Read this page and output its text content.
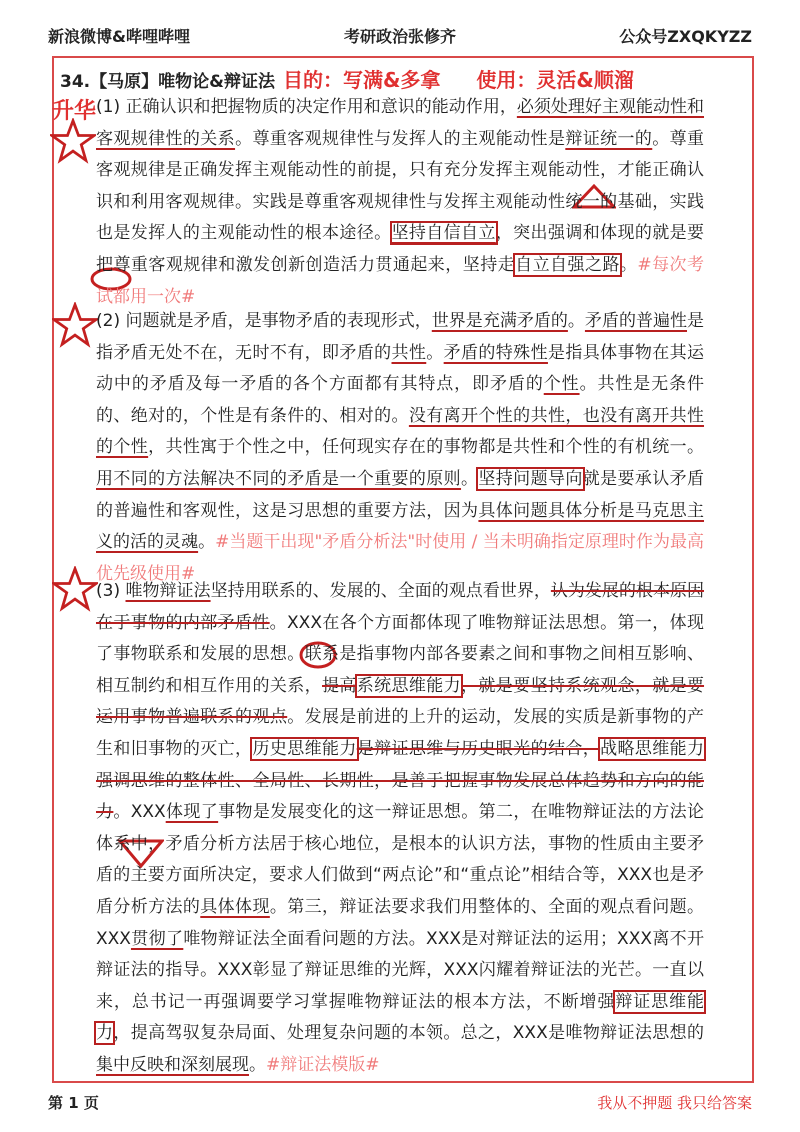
新浪微博&哔哩哔哩	考研政治张修齐	公众号ZXQKYZZ
34.【马原】唯物论&辩证法 目的：写满&多拿 使用：灵活&顺溜
升华 (1) 正确认识和把握物质的决定作用和意识的能动作用，必须处理好主观能动性和客观规律性的关系。尊重客观规律性与发挥人的主观能动性是辩证统一的。尊重客观规律是正确发挥主观能动性的前提，只有充分发挥主观能动性，才能正确认识和利用客观规律。实践是尊重客观规律性与发挥主观能动性统一的基础，实践也是发挥人的主观能动性的根本途径。坚持自信自立，突出强调和体现的就是要把尊重客观规律和激发创新创造活力贯通起来，坚持走自立自强之路。#每次考试都用一次#
(2) 问题就是矛盾，是事物矛盾的表现形式，世界是充满矛盾的。矛盾的普遍性是指矛盾无处不在，无时不有，即矛盾的共性。矛盾的特殊性是指具体事物在其运动中的矛盾及每一矛盾的各个方面都有其特点，即矛盾的个性。共性是无条件的、绝对的，个性是有条件的、相对的。没有离开个性的共性，也没有离开共性的个性，共性寓于个性之中，任何现实存在的事物都是共性和个性的有机统一。用不同的方法解决不同的矛盾是一个重要的原则。坚持问题导向就是要承认矛盾的普遍性和客观性，这是习思想的重要方法，因为具体问题具体分析是马克思主义的活的灵魂。#当题干出现"矛盾分析法"时使用 / 当未明确指定原理时作为最高优先级使用#
(3) 唯物辩证法坚持用联系的、发展的、全面的观点看世界，认为发展的根本原因在于事物的内部矛盾性。XXX在各个方面都体现了唯物辩证法思想。第一，体现了事物联系和发展的思想。联系是指事物内部各要素之间和事物之间相互影响、相互制约和相互作用的关系，提高系统思维能力，就是要坚持系统观念，就是要运用事物普遍联系的观点。发展是前进的上升的运动，发展的实质是新事物的产生和旧事物的灭亡，历史思维能力是辩证思维与历史眼光的结合，战略思维能力强调思维的整体性、全局性、长期性，是善于把握事物发展总体趋势和方向的能力。XXX体现了事物是发展变化的这一辩证思想。第二，在唯物辩证法的方法论体系中，矛盾分析方法居于核心地位，是根本的认识方法，事物的性质由主要矛盾的主要方面所决定，要求人们做到“两点论”和“重点论”相结合等，XXX也是矛盾分析方法的具体体现。第三，辩证法要求我们用整体的、全面的观点看问题。XXX贯彻了唯物辩证法全面看问题的方法。XXX是对辩证法的运用；XXX离不开辩证法的指导。XXX彰显了辩证思维的光辉，XXX闪耀着辩证法的光芒。一直以来，总书记一再强调要学习掌握唯物辩证法的根本方法，不断增强辩证思维能力，提高驾驭复杂局面、处理复杂问题的本领。总之，XXX是唯物辩证法思想的集中反映和深刻展现。#辩证法模版#
第 1 页	我从不押题 我只给答案
